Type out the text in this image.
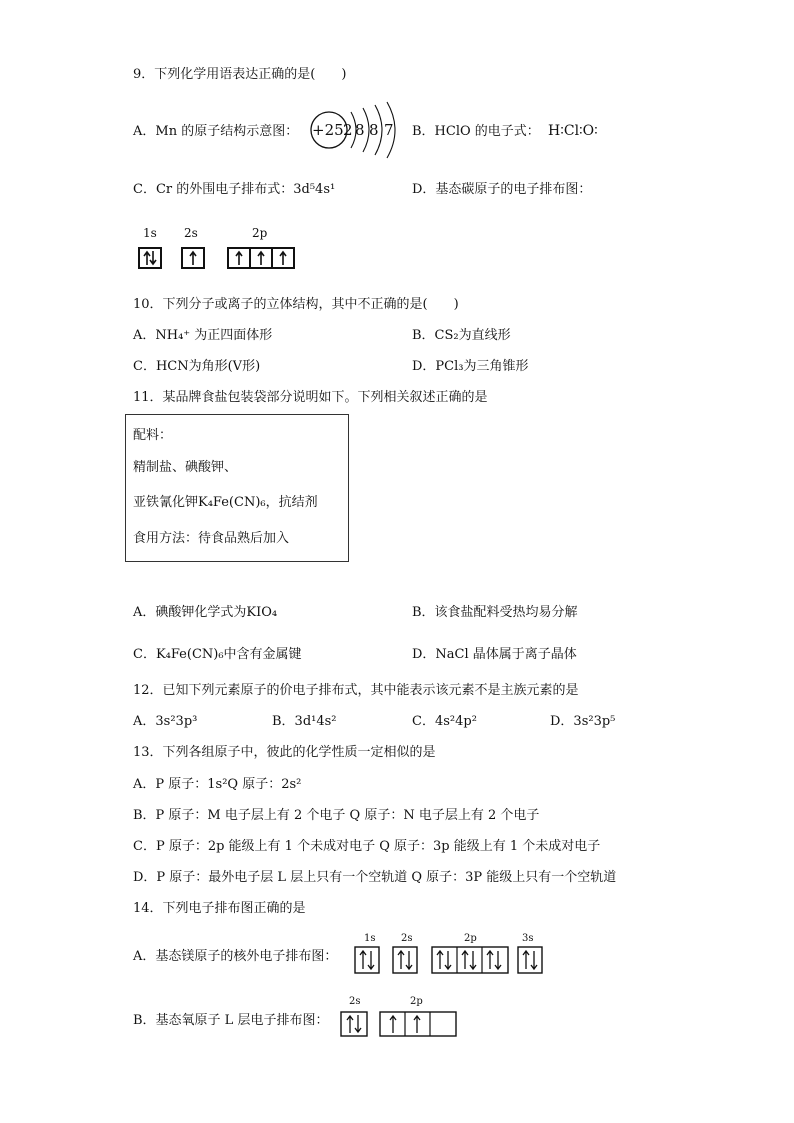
9．下列化学用语表达正确的是(　　)
A．Mn 的原子结构示意图： +25 2 8 8 7 B．HClO 的电子式： H∶Cl∶O∶
C．Cr 的外围电子排布式：3d⁵4s¹	D．基态碳原子的电子排布图：
1s 2s	2p
10．下列分子或离子的立体结构，其中不正确的是(　　)
A．NH₄⁺ 为正四面体形	B．CS₂为直线形
C．HCN为角形(V形)	D．PCl₃为三角锥形
11．某品牌食盐包装袋部分说明如下。下列相关叙述正确的是
配料：
精制盐、碘酸钾、
亚铁氰化钾K₄Fe(CN)₆，抗结剂
食用方法：待食品熟后加入
A．碘酸钾化学式为KIO₄	B．该食盐配料受热均易分解
C．K₄Fe(CN)₆中含有金属键	D．NaCl 晶体属于离子晶体
12．已知下列元素原子的价电子排布式，其中能表示该元素不是主族元素的是
A．3s²3p³	B．3d¹4s²	C．4s²4p²	D．3s²3p⁵
13．下列各组原子中，彼此的化学性质一定相似的是
A．P 原子：1s²Q 原子：2s²
B．P 原子：M 电子层上有 2 个电子 Q 原子：N 电子层上有 2 个电子
C．P 原子：2p 能级上有 1 个未成对电子 Q 原子：3p 能级上有 1 个未成对电子
D．P 原子：最外电子层 L 层上只有一个空轨道 Q 原子：3P 能级上只有一个空轨道
14．下列电子排布图正确的是
A．基态镁原子的核外电子排布图：
1s	2s	2p	3s
B．基态氧原子 L 层电子排布图：
2s	2p
